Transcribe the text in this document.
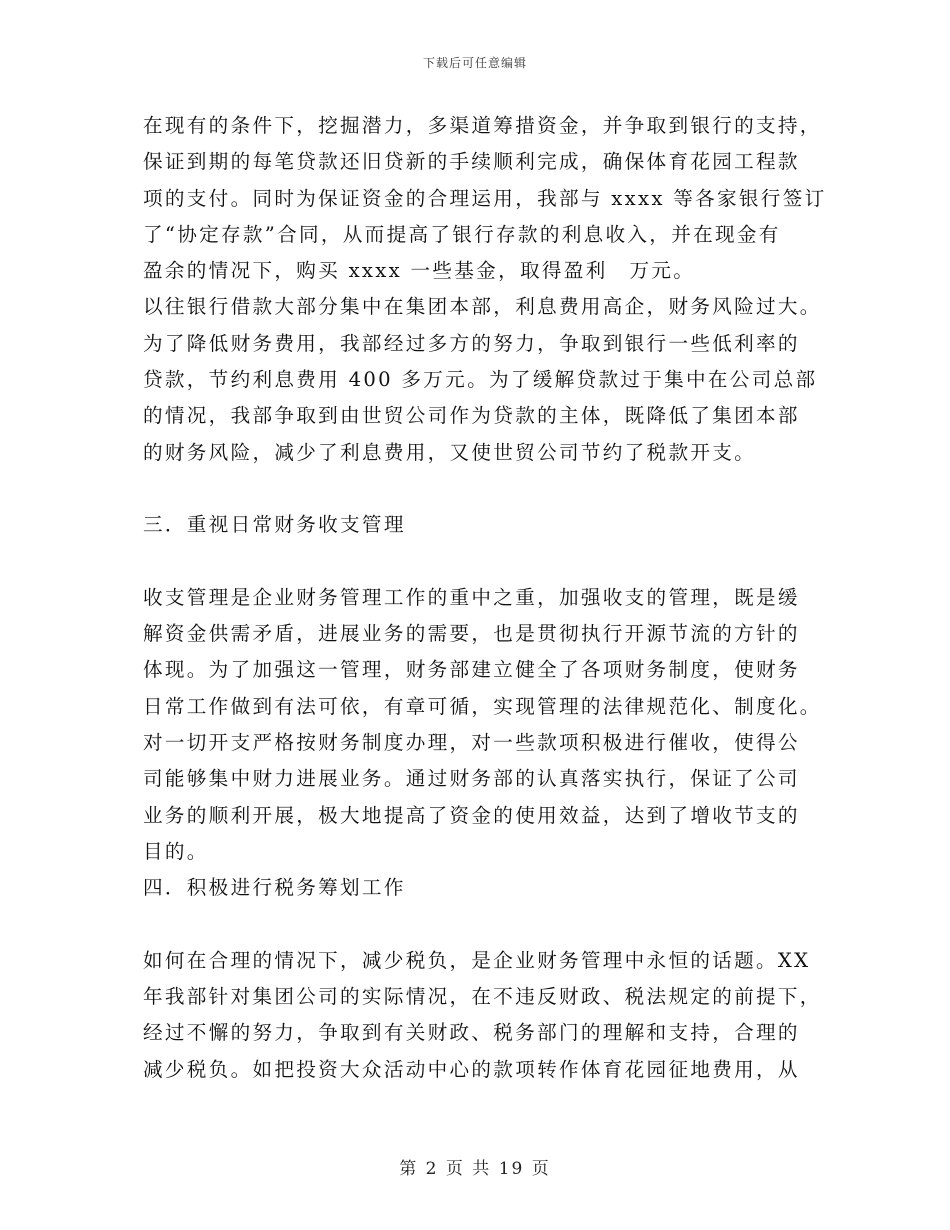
下载后可任意编辑
在现有的条件下，挖掘潜力，多渠道筹措资金，并争取到银行的支持，
保证到期的每笔贷款还旧贷新的手续顺利完成，确保体育花园工程款
项的支付。同时为保证资金的合理运用，我部与 xxxx 等各家银行签订
了“协定存款”合同，从而提高了银行存款的利息收入，并在现金有
盈余的情况下，购买 xxxx 一些基金，取得盈利　万元。
以往银行借款大部分集中在集团本部，利息费用高企，财务风险过大。
为了降低财务费用，我部经过多方的努力，争取到银行一些低利率的
贷款，节约利息费用 400 多万元。为了缓解贷款过于集中在公司总部
的情况，我部争取到由世贸公司作为贷款的主体，既降低了集团本部
的财务风险，减少了利息费用，又使世贸公司节约了税款开支。
三．重视日常财务收支管理
收支管理是企业财务管理工作的重中之重，加强收支的管理，既是缓
解资金供需矛盾，进展业务的需要，也是贯彻执行开源节流的方针的
体现。为了加强这一管理，财务部建立健全了各项财务制度，使财务
日常工作做到有法可依，有章可循，实现管理的法律规范化、制度化。
对一切开支严格按财务制度办理，对一些款项积极进行催收，使得公
司能够集中财力进展业务。通过财务部的认真落实执行，保证了公司
业务的顺利开展，极大地提高了资金的使用效益，达到了增收节支的
目的。
四．积极进行税务筹划工作
如何在合理的情况下，减少税负，是企业财务管理中永恒的话题。XX
年我部针对集团公司的实际情况，在不违反财政、税法规定的前提下，
经过不懈的努力，争取到有关财政、税务部门的理解和支持，合理的
减少税负。如把投资大众活动中心的款项转作体育花园征地费用，从
第 2 页 共 19 页
